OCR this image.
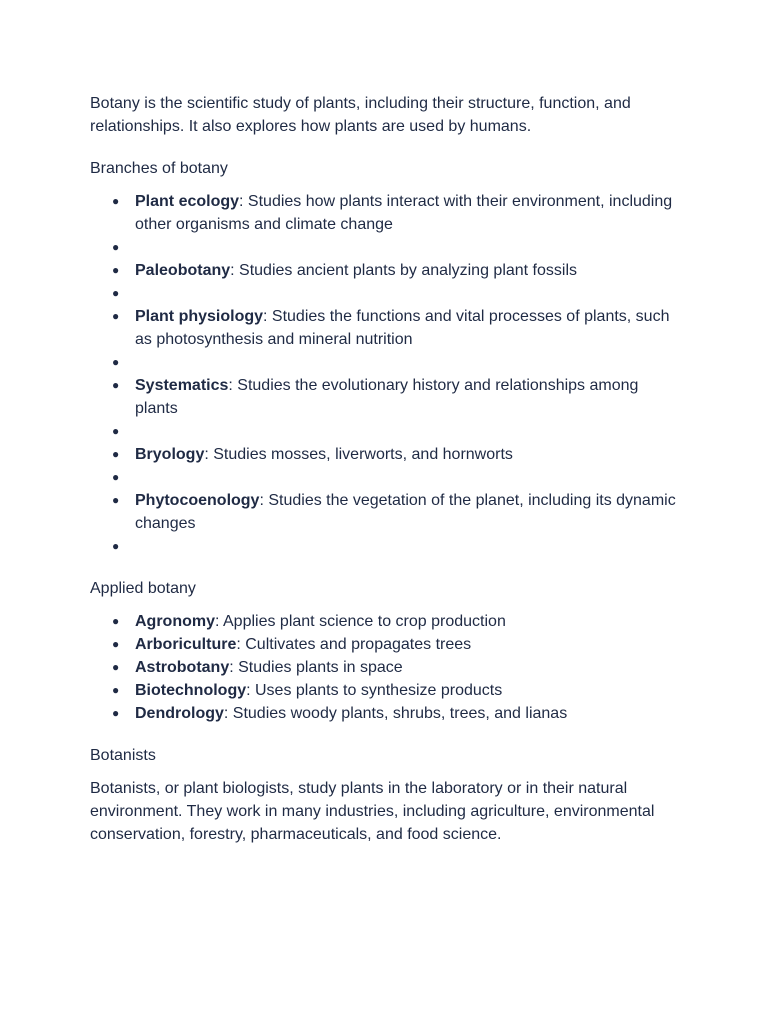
Botany is the scientific study of plants, including their structure, function, and relationships. It also explores how plants are used by humans.

Branches of botany

● Plant ecology: Studies how plants interact with their environment, including other organisms and climate change
●
● Paleobotany: Studies ancient plants by analyzing plant fossils
●
● Plant physiology: Studies the functions and vital processes of plants, such as photosynthesis and mineral nutrition
●
● Systematics: Studies the evolutionary history and relationships among plants
●
● Bryology: Studies mosses, liverworts, and hornworts
●
● Phytocoenology: Studies the vegetation of the planet, including its dynamic changes
●

Applied botany

● Agronomy: Applies plant science to crop production
● Arboriculture: Cultivates and propagates trees
● Astrobotany: Studies plants in space
● Biotechnology: Uses plants to synthesize products
● Dendrology: Studies woody plants, shrubs, trees, and lianas

Botanists

Botanists, or plant biologists, study plants in the laboratory or in their natural environment. They work in many industries, including agriculture, environmental conservation, forestry, pharmaceuticals, and food science.
